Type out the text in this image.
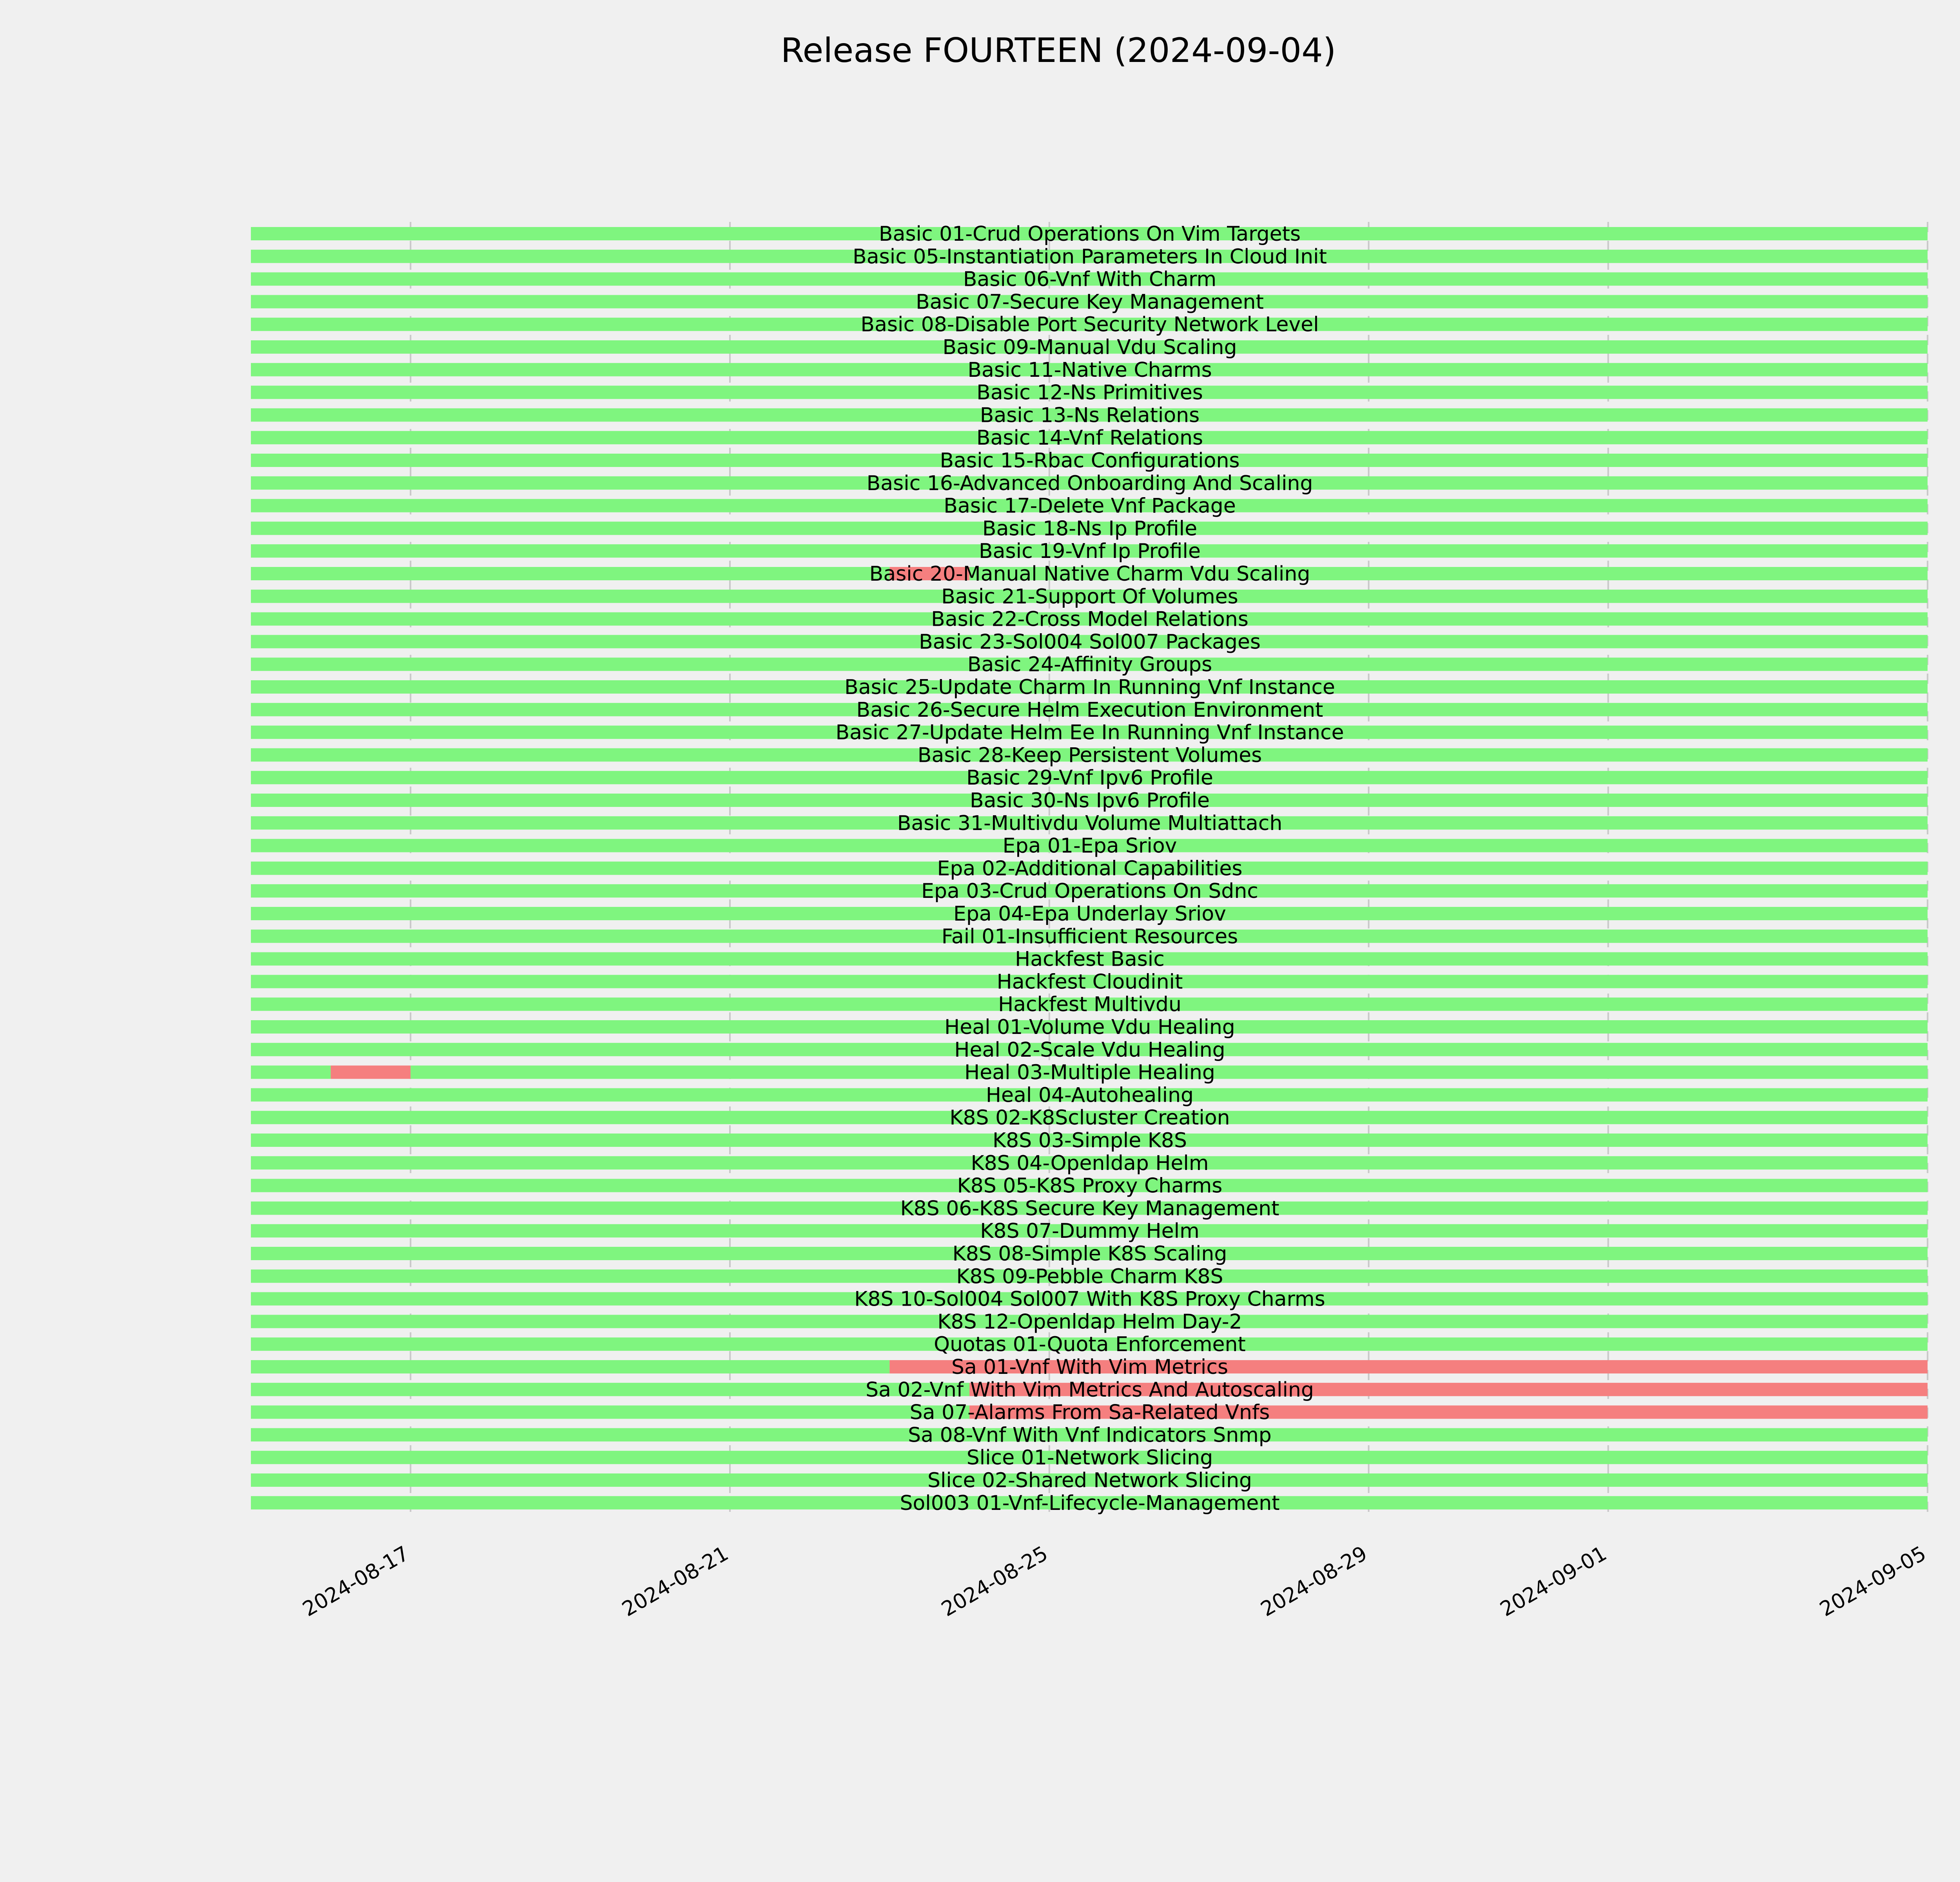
Release FOURTEEN (2024-09-04)
Basic 01-Crud Operations On Vim Targets
Basic 05-Instantiation Parameters In Cloud Init
Basic 06-Vnf With Charm
Basic 07-Secure Key Management
Basic 08-Disable Port Security Network Level
Basic 09-Manual Vdu Scaling
Basic 11-Native Charms
Basic 12-Ns Primitives
Basic 13-Ns Relations
Basic 14-Vnf Relations
Basic 15-Rbac Configurations
Basic 16-Advanced Onboarding And Scaling
Basic 17-Delete Vnf Package
Basic 18-Ns Ip Profile
Basic 19-Vnf Ip Profile
Basic 20-Manual Native Charm Vdu Scaling
Basic 21-Support Of Volumes
Basic 22-Cross Model Relations
Basic 23-Sol004 Sol007 Packages
Basic 24-Affinity Groups
Basic 25-Update Charm In Running Vnf Instance
Basic 26-Secure Helm Execution Environment
Basic 27-Update Helm Ee In Running Vnf Instance
Basic 28-Keep Persistent Volumes
Basic 29-Vnf Ipv6 Profile
Basic 30-Ns Ipv6 Profile
Basic 31-Multivdu Volume Multiattach
Epa 01-Epa Sriov
Epa 02-Additional Capabilities
Epa 03-Crud Operations On Sdnc
Epa 04-Epa Underlay Sriov
Fail 01-Insufficient Resources
Hackfest Basic
Hackfest Cloudinit
Hackfest Multivdu
Heal 01-Volume Vdu Healing
Heal 02-Scale Vdu Healing
Heal 03-Multiple Healing
Heal 04-Autohealing
K8S 02-K8Scluster Creation
K8S 03-Simple K8S
K8S 04-Openldap Helm
K8S 05-K8S Proxy Charms
K8S 06-K8S Secure Key Management
K8S 07-Dummy Helm
K8S 08-Simple K8S Scaling
K8S 09-Pebble Charm K8S
K8S 10-Sol004 Sol007 With K8S Proxy Charms
K8S 12-Openldap Helm Day-2
Quotas 01-Quota Enforcement
Sa 01-Vnf With Vim Metrics
Sa 02-Vnf With Vim Metrics And Autoscaling
Sa 07-Alarms From Sa-Related Vnfs
Sa 08-Vnf With Vnf Indicators Snmp
Slice 01-Network Slicing
Slice 02-Shared Network Slicing
Sol003 01-Vnf-Lifecycle-Management
2024-08-17	2024-08-21	2024-08-25	2024-08-29	2024-09-01	2024-09-05
